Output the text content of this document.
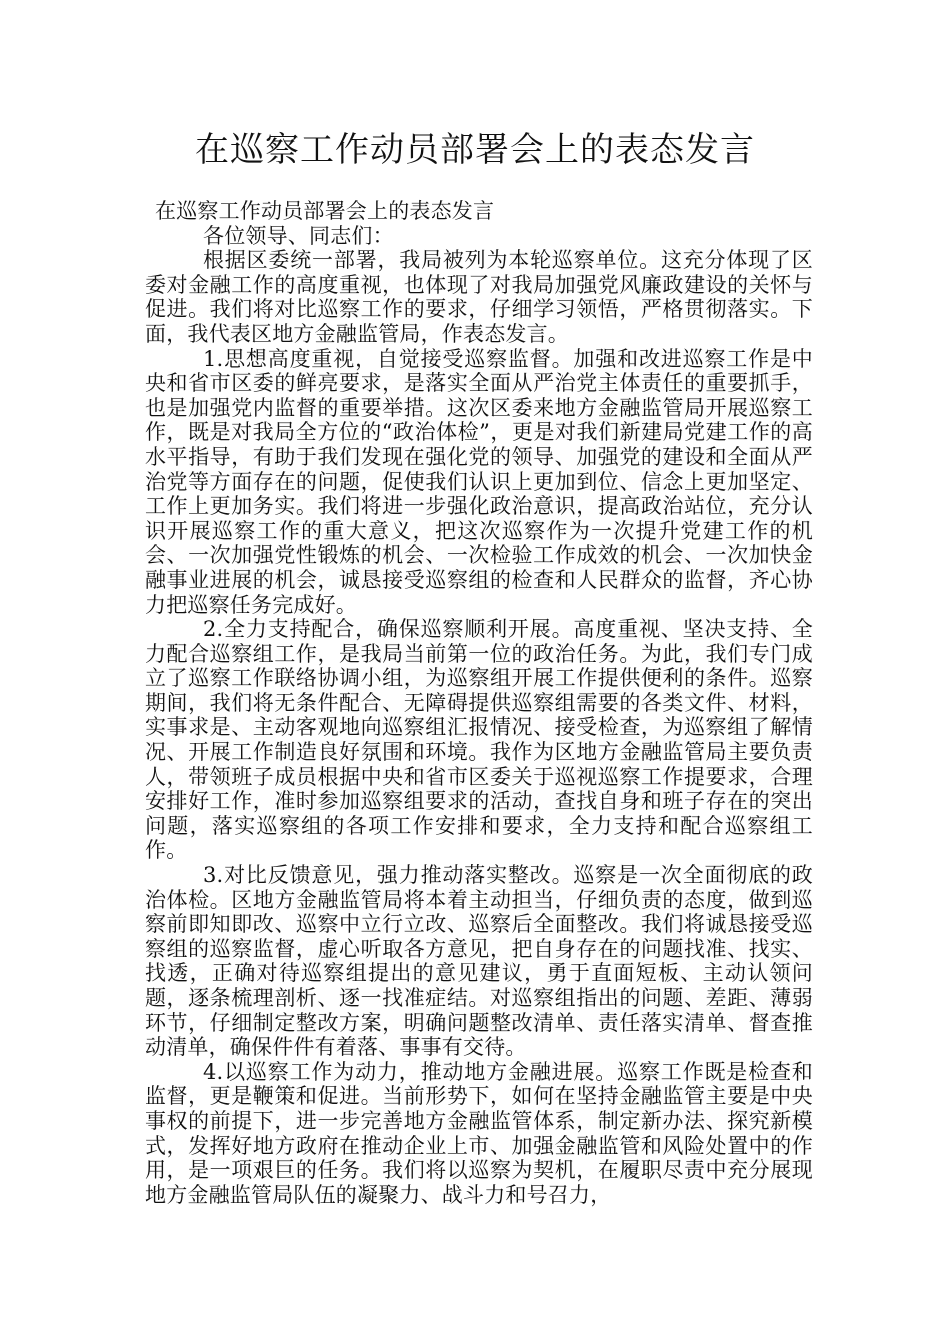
在巡察工作动员部署会上的表态发言

在巡察工作动员部署会上的表态发言

各位领导、同志们：

根据区委统一部署，我局被列为本轮巡察单位。这充分体现了区委对金融工作的高度重视，也体现了对我局加强党风廉政建设的关怀与促进。我们将对比巡察工作的要求，仔细学习领悟，严格贯彻落实。下面，我代表区地方金融监管局，作表态发言。

1.思想高度重视，自觉接受巡察监督。加强和改进巡察工作是中央和省市区委的鲜亮要求，是落实全面从严治党主体责任的重要抓手，也是加强党内监督的重要举措。这次区委来地方金融监管局开展巡察工作，既是对我局全方位的“政治体检”，更是对我们新建局党建工作的高水平指导，有助于我们发现在强化党的领导、加强党的建设和全面从严治党等方面存在的问题，促使我们认识上更加到位、信念上更加坚定、工作上更加务实。我们将进一步强化政治意识，提高政治站位，充分认识开展巡察工作的重大意义，把这次巡察作为一次提升党建工作的机会、一次加强党性锻炼的机会、一次检验工作成效的机会、一次加快金融事业进展的机会，诚恳接受巡察组的检查和人民群众的监督，齐心协力把巡察任务完成好。

2.全力支持配合，确保巡察顺利开展。高度重视、坚决支持、全力配合巡察组工作，是我局当前第一位的政治任务。为此，我们专门成立了巡察工作联络协调小组，为巡察组开展工作提供便利的条件。巡察期间，我们将无条件配合、无障碍提供巡察组需要的各类文件、材料，实事求是、主动客观地向巡察组汇报情况、接受检查，为巡察组了解情况、开展工作制造良好氛围和环境。我作为区地方金融监管局主要负责人，带领班子成员根据中央和省市区委关于巡视巡察工作提要求，合理安排好工作，准时参加巡察组要求的活动，查找自身和班子存在的突出问题，落实巡察组的各项工作安排和要求，全力支持和配合巡察组工作。

3.对比反馈意见，强力推动落实整改。巡察是一次全面彻底的政治体检。区地方金融监管局将本着主动担当，仔细负责的态度，做到巡察前即知即改、巡察中立行立改、巡察后全面整改。我们将诚恳接受巡察组的巡察监督，虚心听取各方意见，把自身存在的问题找准、找实、找透，正确对待巡察组提出的意见建议，勇于直面短板、主动认领问题，逐条梳理剖析、逐一找准症结。对巡察组指出的问题、差距、薄弱环节，仔细制定整改方案，明确问题整改清单、责任落实清单、督查推动清单，确保件件有着落、事事有交待。

4.以巡察工作为动力，推动地方金融进展。巡察工作既是检查和监督，更是鞭策和促进。当前形势下，如何在坚持金融监管主要是中央事权的前提下，进一步完善地方金融监管体系，制定新办法、探究新模式，发挥好地方政府在推动企业上市、加强金融监管和风险处置中的作用，是一项艰巨的任务。我们将以巡察为契机，在履职尽责中充分展现地方金融监管局队伍的凝聚力、战斗力和号召力，
